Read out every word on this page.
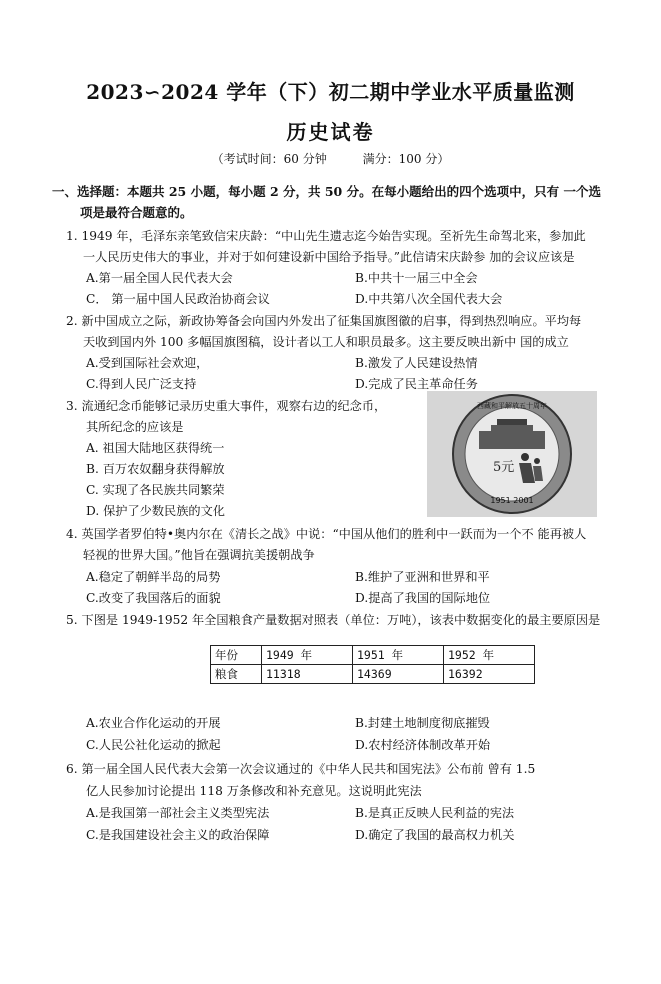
2023∽2024 学年（下）初二期中学业水平质量监测
历史试卷
（考试时间：60 分钟	满分：100 分）
一、选择题：本题共 25 小题，每小题 2 分，共 50 分。在每小题给出的四个选项中，只有 一个选
项是最符合题意的。
1. 1949 年，毛泽东亲笔致信宋庆龄：“中山先生遗志迄今始告实现。至祈先生命驾北来，参加此
一人民历史伟大的事业，并对于如何建设新中国给予指导。”此信请宋庆龄参 加的会议应该是
A.第一届全国人民代表大会	B.中共十一届三中全会
C． 第一届中国人民政治协商会议	D.中共第八次全国代表大会
2. 新中国成立之际，新政协筹备会向国内外发出了征集国旗图徽的启事，得到热烈响应。平均每
天收到国内外 100 多幅国旗图稿，设计者以工人和职员最多。这主要反映出新中 国的成立
A.受到国际社会欢迎，	B.激发了人民建设热情
C.得到人民广泛支持	D.完成了民主革命任务
3. 流通纪念币能够记录历史重大事件，观察右边的纪念币，
其所纪念的应该是
A. 祖国大陆地区获得统一
B. 百万农奴翻身获得解放
C. 实现了各民族共同繁荣
D. 保护了少数民族的文化
5元
1951 2001
西藏和平解放五十周年
4. 英国学者罗伯特•奥内尔在《清长之战》中说：“中国从他们的胜利中一跃而为一个不 能再被人
轻视的世界大国。”他旨在强调抗美援朝战争
A.稳定了朝鲜半岛的局势	B.维护了亚洲和世界和平
C.改变了我国落后的面貌	D.提高了我国的国际地位
5. 下图是 1949-1952 年全国粮食产量数据对照表（单位：万吨），该表中数据变化的最主要原因是
年份	1949 年	1951 年	1952 年
粮食	11318	14369	16392
A.农业合作化运动的开展	B.封建土地制度彻底摧毁
C.人民公社化运动的掀起	D.农村经济体制改革开始
6. 第一届全国人民代表大会第一次会议通过的《中华人民共和国宪法》公布前 曾有 1.5
亿人民参加讨论提出 118 万条修改和补充意见。这说明此宪法
A.是我国第一部社会主义类型宪法	B.是真正反映人民利益的宪法
C.是我国建设社会主义的政治保障	D.确定了我国的最高权力机关
